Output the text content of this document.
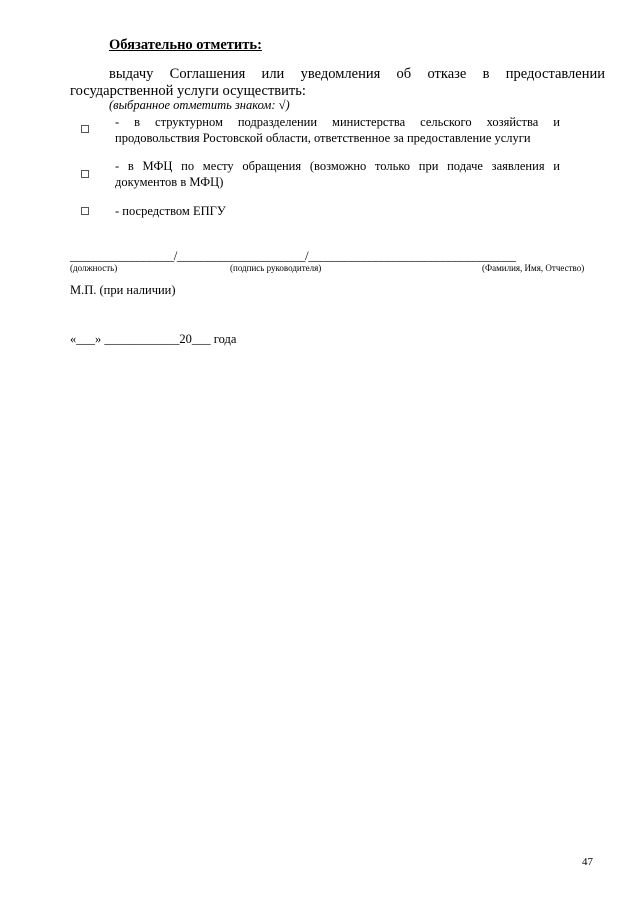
Обязательно отметить:
выдачу Соглашения или уведомления об отказе в предоставлении
государственной услуги осуществить:
(выбранное отметить знаком: √)
- в структурном подразделении министерства сельского хозяйства и
продовольствия Ростовской области, ответственное за предоставление услуги
- в МФЦ по месту обращения (возможно только при подаче заявления и
документов в МФЦ)
- посредством ЕПГУ
_________________/_____________________/__________________________________
(должность)	(подпись руководителя)	(Фамилия, Имя, Отчество)
М.П. (при наличии)
«___» ____________20___ года
47
